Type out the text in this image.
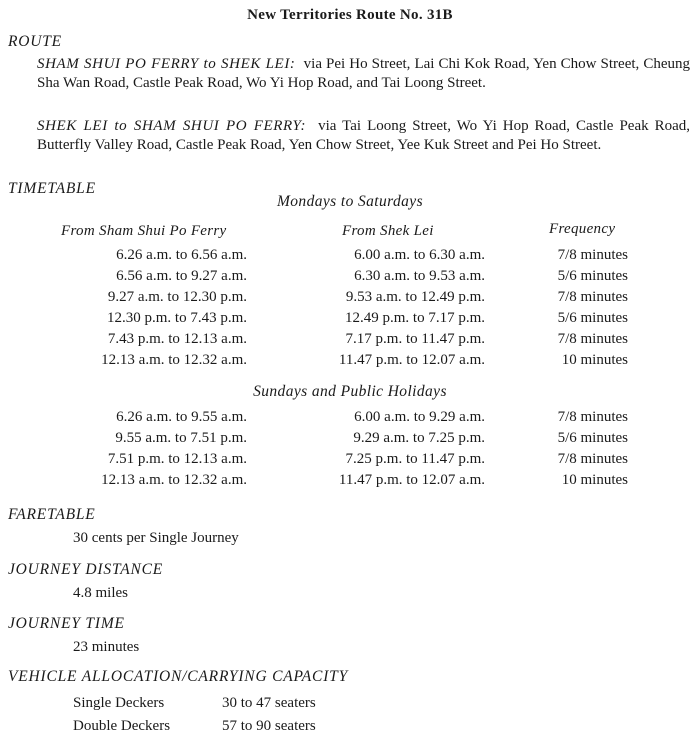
New Territories Route No. 31B
ROUTE
SHAM SHUI PO FERRY to SHEK LEI: via Pei Ho Street, Lai Chi Kok Road, Yen Chow Street, Cheung Sha Wan Road, Castle Peak Road, Wo Yi Hop Road, and Tai Loong Street.
SHEK LEI to SHAM SHUI PO FERRY: via Tai Loong Street, Wo Yi Hop Road, Castle Peak Road, Butterfly Valley Road, Castle Peak Road, Yen Chow Street, Yee Kuk Street and Pei Ho Street.
TIMETABLE
Mondays to Saturdays
From Sham Shui Po Ferry	From Shek Lei	Frequency
6.26 a.m. to 6.56 a.m.	6.00 a.m. to 6.30 a.m.	7/8 minutes
6.56 a.m. to 9.27 a.m.	6.30 a.m. to 9.53 a.m.	5/6 minutes
9.27 a.m. to 12.30 p.m.	9.53 a.m. to 12.49 p.m.	7/8 minutes
12.30 p.m. to 7.43 p.m.	12.49 p.m. to 7.17 p.m.	5/6 minutes
7.43 p.m. to 12.13 a.m.	7.17 p.m. to 11.47 p.m.	7/8 minutes
12.13 a.m. to 12.32 a.m.	11.47 p.m. to 12.07 a.m.	10 minutes
Sundays and Public Holidays
6.26 a.m. to 9.55 a.m.	6.00 a.m. to 9.29 a.m.	7/8 minutes
9.55 a.m. to 7.51 p.m.	9.29 a.m. to 7.25 p.m.	5/6 minutes
7.51 p.m. to 12.13 a.m.	7.25 p.m. to 11.47 p.m.	7/8 minutes
12.13 a.m. to 12.32 a.m.	11.47 p.m. to 12.07 a.m.	10 minutes
FARETABLE
30 cents per Single Journey
JOURNEY DISTANCE
4.8 miles
JOURNEY TIME
23 minutes
VEHICLE ALLOCATION/CARRYING CAPACITY
Single Deckers	30 to 47 seaters
Double Deckers	57 to 90 seaters
